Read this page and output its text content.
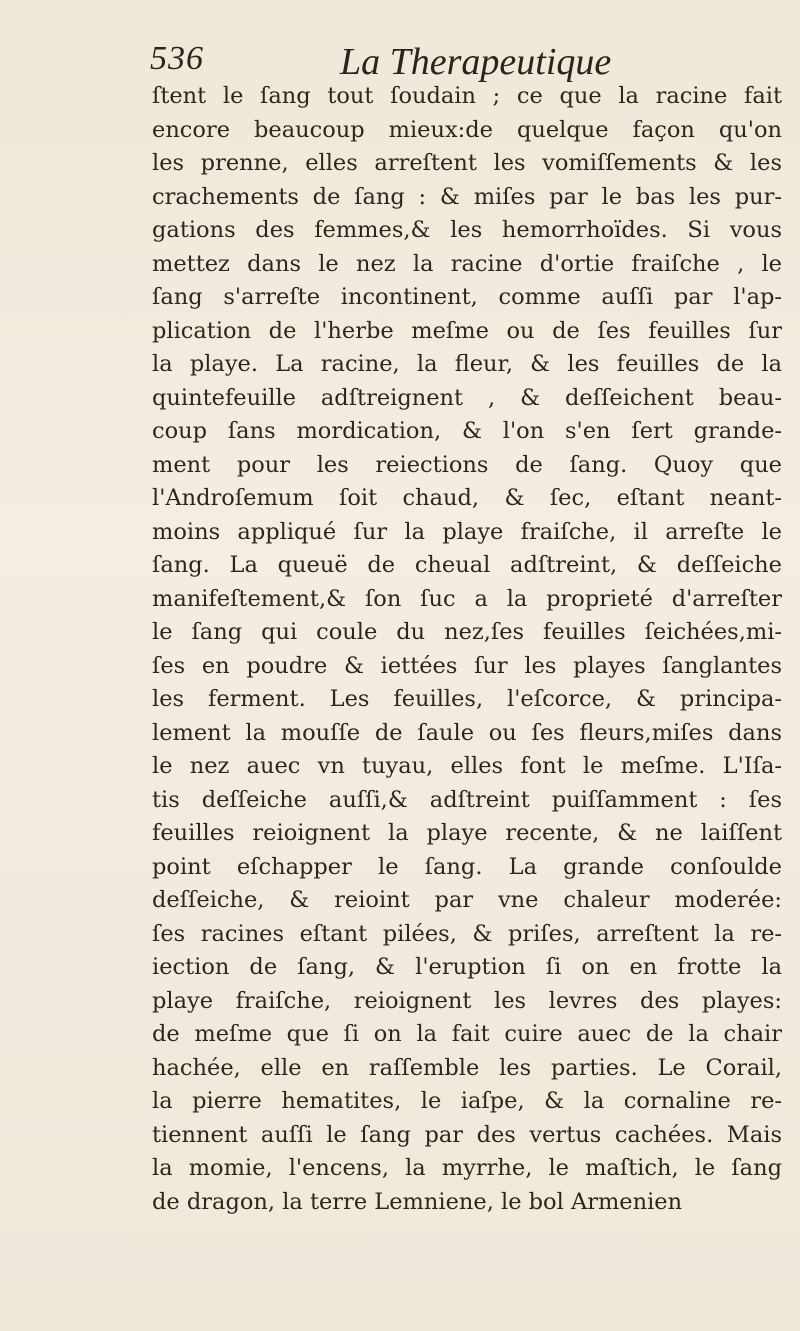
536	La Therapeutique
ſtent le ſang tout ſoudain ; ce que la racine fait
encore beaucoup mieux:de quelque façon qu'on
les prenne, elles arreſtent les vomiſſements & les
crachements de ſang : & miſes par le bas les pur-
gations des femmes,& les hemorrhoïdes. Si vous
mettez dans le nez la racine d'ortie fraiſche , le
ſang s'arreſte incontinent, comme auſſi par l'ap-
plication de l'herbe meſme ou de ſes feuilles ſur
la playe. La racine, la fleur, & les feuilles de la
quintefeuille adſtreignent , & deſſeichent beau-
coup ſans mordication, & l'on s'en ſert grande-
ment pour les reiections de ſang. Quoy que
l'Androſemum ſoit chaud, & ſec, eſtant neant-
moins appliqué ſur la playe fraiſche, il arreſte le
ſang. La queuë de cheual adſtreint, & deſſeiche
manifeſtement,& ſon ſuc a la proprieté d'arreſter
le ſang qui coule du nez,ſes feuilles ſeichées,mi-
ſes en poudre & iettées ſur les playes ſanglantes
les ferment. Les feuilles, l'eſcorce, & principa-
lement la mouſſe de ſaule ou ſes fleurs,miſes dans
le nez auec vn tuyau, elles font le meſme. L'Iſa-
tis deſſeiche auſſi,& adſtreint puiſſamment : ſes
feuilles reioignent la playe recente, & ne laiſſent
point eſchapper le ſang. La grande conſoulde
deſſeiche, & reioint par vne chaleur moderée:
ſes racines eſtant pilées, & priſes, arreſtent la re-
iection de ſang, & l'eruption ſi on en frotte la
playe fraiſche, reioignent les levres des playes:
de meſme que ſi on la fait cuire auec de la chair
hachée, elle en raſſemble les parties. Le Corail,
la pierre hematites, le iaſpe, & la cornaline re-
tiennent auſſi le ſang par des vertus cachées. Mais
la momie, l'encens, la myrrhe, le maſtich, le ſang
de dragon, la terre Lemniene, le bol Armenien
